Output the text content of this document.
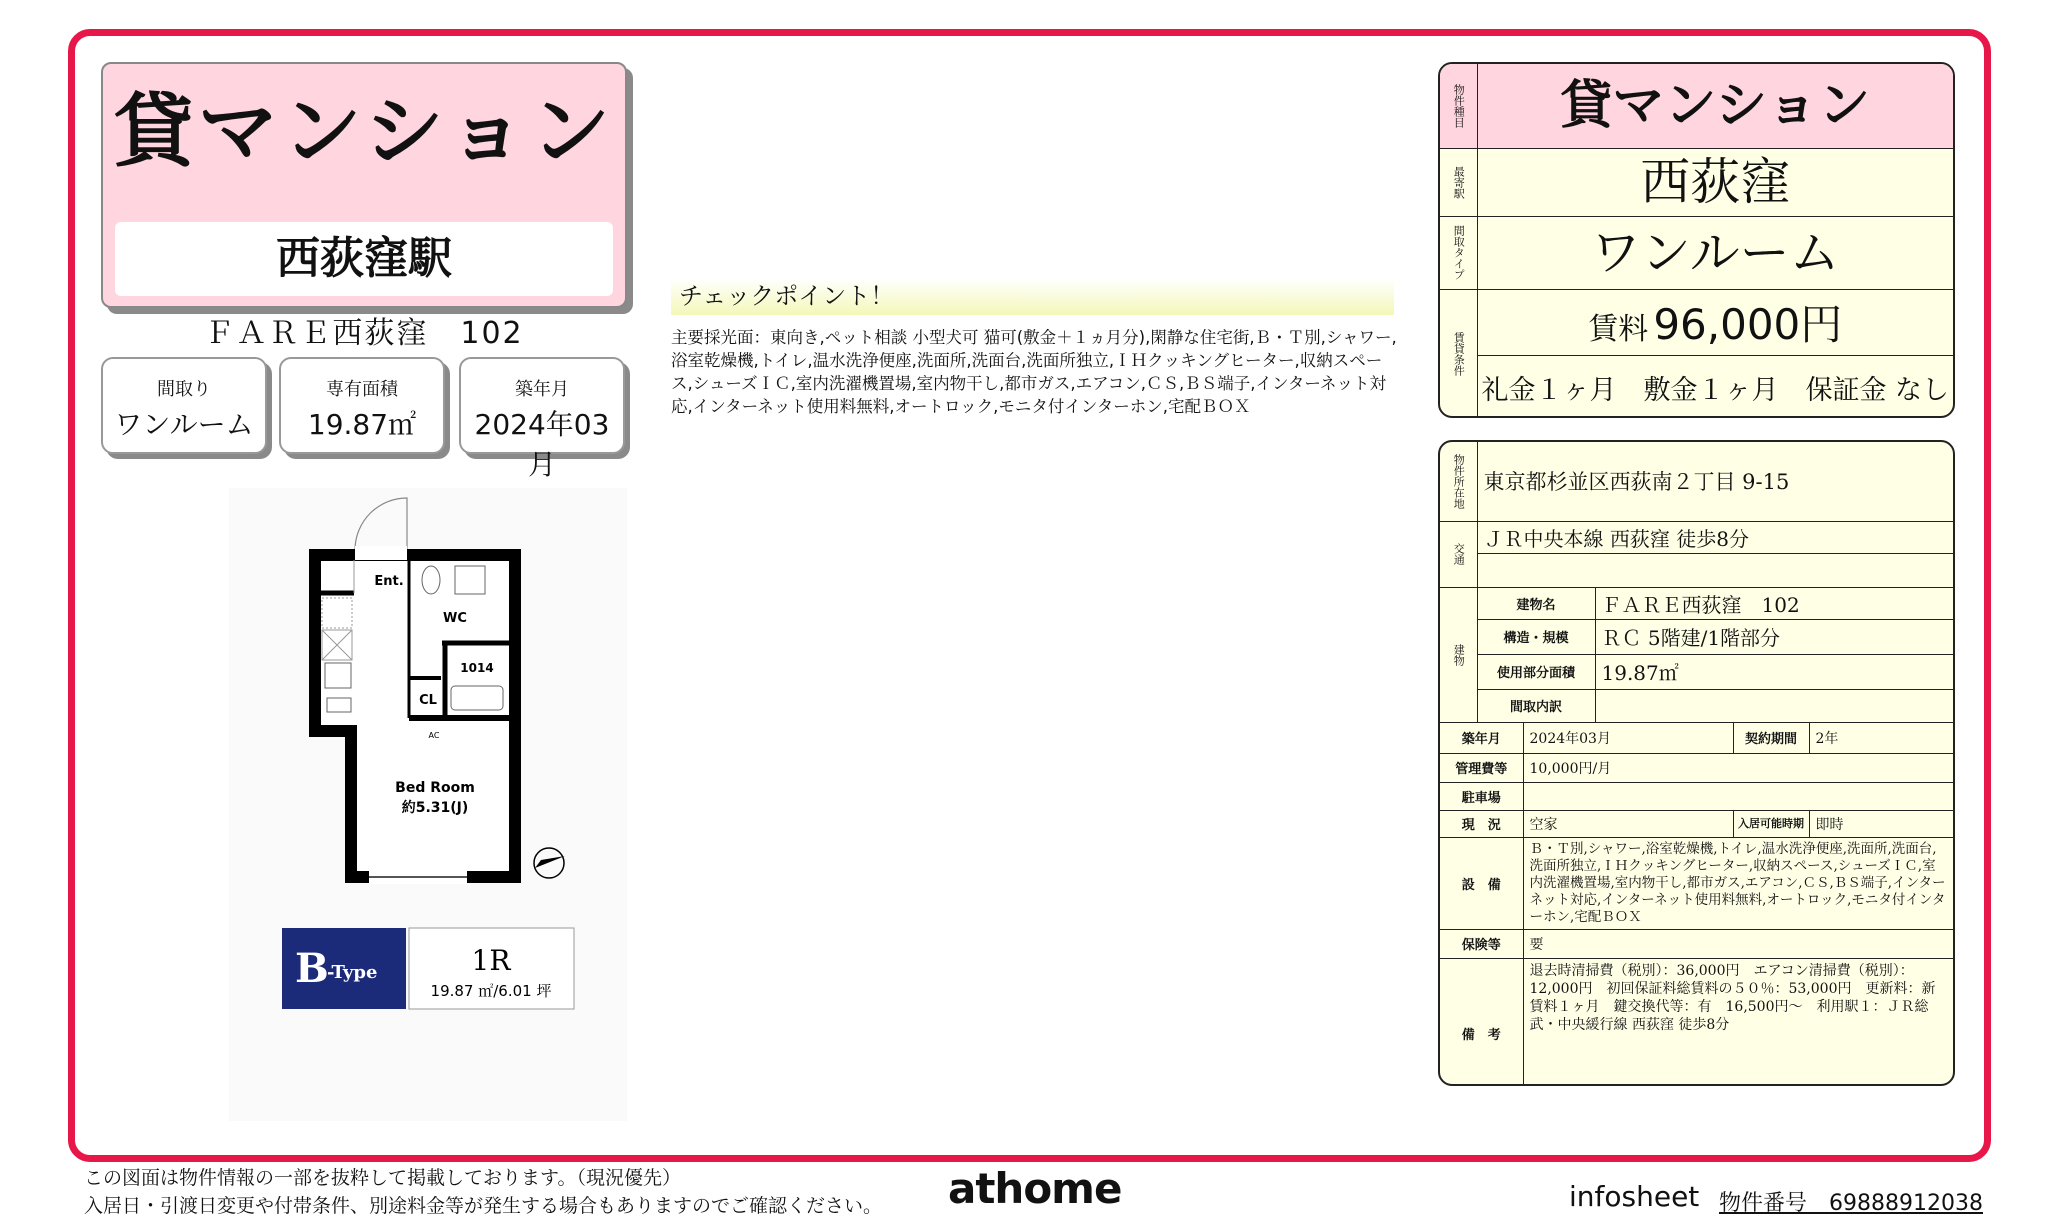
貸マンション
西荻窪駅
ＦＡＲＥ西荻窪　102
間取り
ワンルーム
専有面積
19.87㎡
築年月
2024年03月
Ent.
WC
1014
CL
AC
Bed Room
約5.31(J)
B
-Type	1R
19.87 ㎡/6.01 坪
チェックポイント！
主要採光面：東向き,ペット相談 小型犬可 猫可(敷金＋１ヵ月分),閑静な住宅街,Ｂ・Ｔ別,シャワー,浴室乾燥機,トイレ,温水洗浄便座,洗面所,洗面台,洗面所独立,ＩＨクッキングヒーター,収納スペース,シューズＩＣ,室内洗濯機置場,室内物干し,都市ガス,エアコン,ＣＳ,ＢＳ端子,インターネット対応,インターネット使用料無料,オートロック,モニタ付インターホン,宅配ＢＯＸ
物件種目	貸マンション

最寄駅	西荻窪

間取タイプ	ワンルーム

賃貸条件	賃料 96,000円
	礼金１ヶ月　敷金１ヶ月　保証金 なし
物件所在地	東京都杉並区西荻南２丁目 9-15				

交通	ＪＲ中央本線 西荻窪 徒歩8分				

建物	建物名		ＦＡＲＥ西荻窪　102		
	構造・規模		ＲＣ 5階建/1階部分		
	使用部分面積		19.87㎡		
	間取内訳				
築年月		2024年03月		契約期間	2年
管理費等		10,000円/月			
駐車場					
現　況		空家		入居可能時期	即時
設　備		Ｂ・Ｔ別,シャワー,浴室乾燥機,トイレ,温水洗浄便座,洗面所,洗面台,洗面所独立,ＩＨクッキングヒーター,収納スペース,シューズＩＣ,室内洗濯機置場,室内物干し,都市ガス,エアコン,ＣＳ,ＢＳ端子,インターネット対応,インターネット使用料無料,オートロック,モニタ付インターホン,宅配ＢＯＸ			
保険等		要			
備　考		退去時清掃費（税別）：36,000円　エアコン清掃費（税別）：12,000円　初回保証料総賃料の５０％：53,000円　更新料：新賃料１ヶ月　鍵交換代等：有　16,500円～　利用駅１：ＪＲ総武・中央緩行線 西荻窪 徒歩8分			
この図面は物件情報の一部を抜粋して掲載しております。（現況優先）
入居日・引渡日変更や付帯条件、別途料金等が発生する場合もありますのでご確認ください。 athome	infosheet 物件番号　 69888912038
